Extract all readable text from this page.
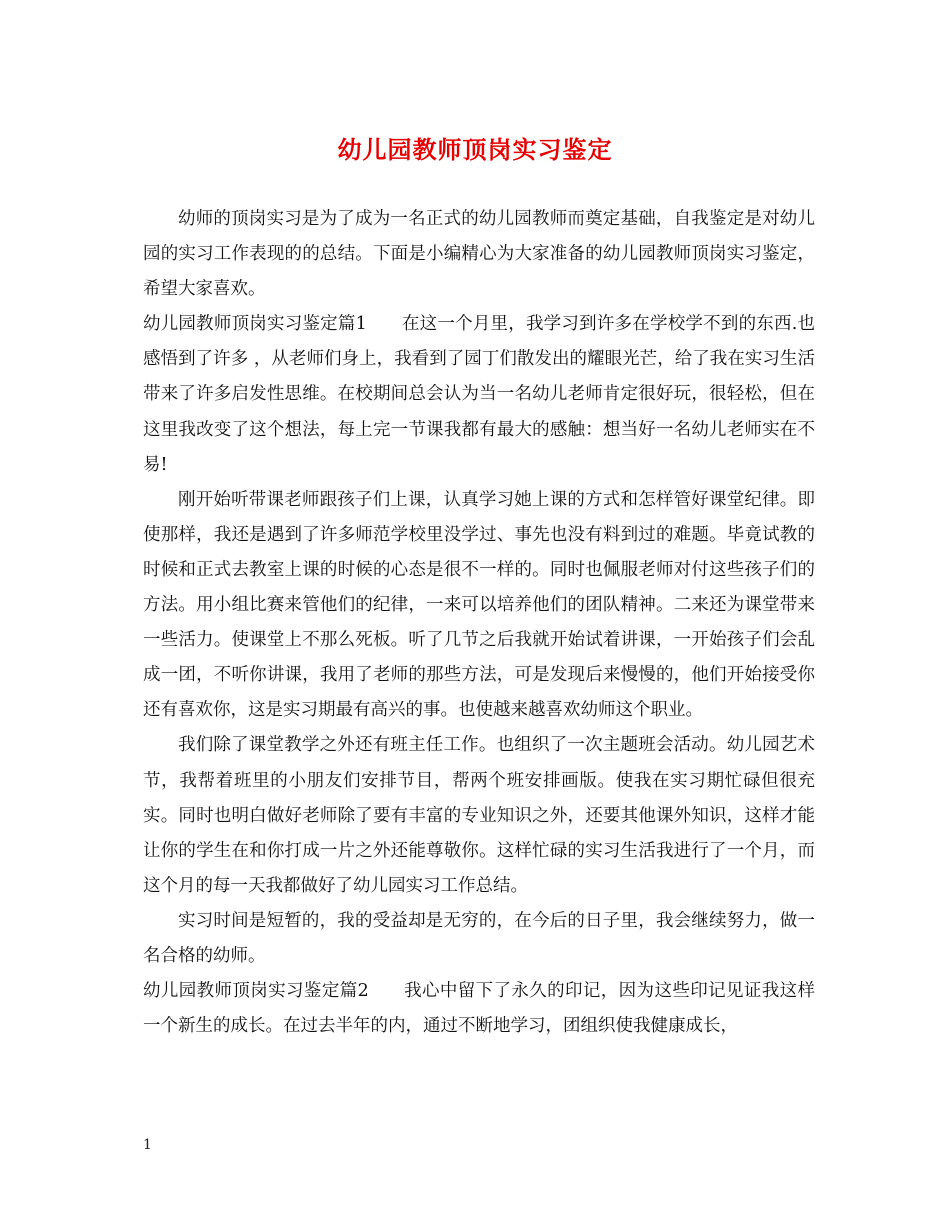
幼儿园教师顶岗实习鉴定

幼师的顶岗实习是为了成为一名正式的幼儿园教师而奠定基础，自我鉴定是对幼儿园的实习工作表现的的总结。下面是小编精心为大家准备的幼儿园教师顶岗实习鉴定，希望大家喜欢。

幼儿园教师顶岗实习鉴定篇1   在这一个月里，我学习到许多在学校学不到的东西.也感悟到了许多 ，从老师们身上，我看到了园丁们散发出的耀眼光芒，给了我在实习生活带来了许多启发性思维。在校期间总会认为当一名幼儿老师肯定很好玩，很轻松，但在这里我改变了这个想法，每上完一节课我都有最大的感触：想当好一名幼儿老师实在不易!

刚开始听带课老师跟孩子们上课，认真学习她上课的方式和怎样管好课堂纪律。即使那样，我还是遇到了许多师范学校里没学过、事先也没有料到过的难题。毕竟试教的时候和正式去教室上课的时候的心态是很不一样的。同时也佩服老师对付这些孩子们的方法。用小组比赛来管他们的纪律，一来可以培养他们的团队精神。二来还为课堂带来一些活力。使课堂上不那么死板。听了几节之后我就开始试着讲课，一开始孩子们会乱成一团，不听你讲课，我用了老师的那些方法，可是发现后来慢慢的，他们开始接受你还有喜欢你，这是实习期最有高兴的事。也使越来越喜欢幼师这个职业。

我们除了课堂教学之外还有班主任工作。也组织了一次主题班会活动。幼儿园艺术节，我帮着班里的小朋友们安排节目，帮两个班安排画版。使我在实习期忙碌但很充实。同时也明白做好老师除了要有丰富的专业知识之外，还要其他课外知识，这样才能让你的学生在和你打成一片之外还能尊敬你。这样忙碌的实习生活我进行了一个月，而这个月的每一天我都做好了幼儿园实习工作总结。

实习时间是短暂的，我的受益却是无穷的，在今后的日子里，我会继续努力，做一名合格的幼师。

幼儿园教师顶岗实习鉴定篇2   我心中留下了永久的印记，因为这些印记见证我这样一个新生的成长。在过去半年的内，通过不断地学习，团组织使我健康成长，

1
